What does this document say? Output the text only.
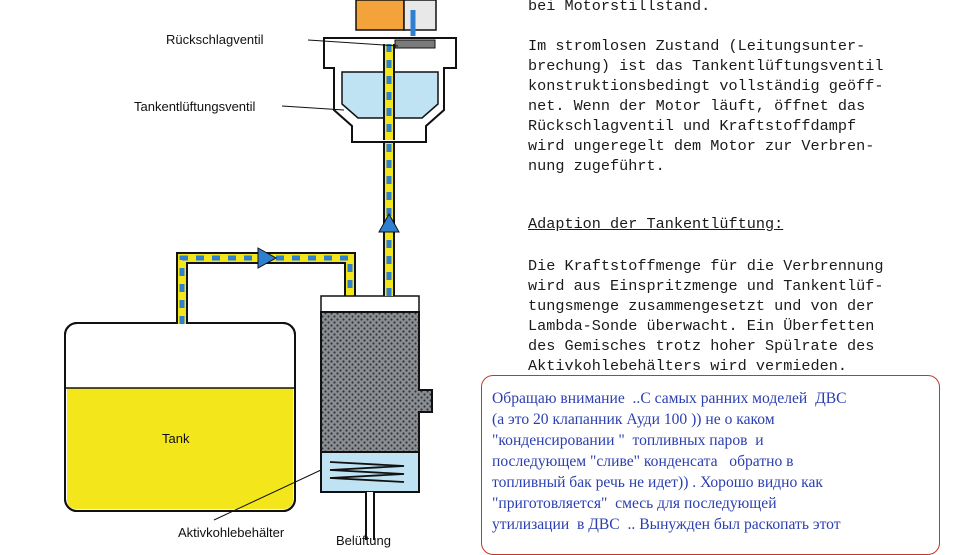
Rückschlagventil
Tankentlüftungsventil
Tank
Aktivkohlebehälter
Belüftung
bei Motorstillstand.
Im stromlosen Zustand (Leitungsunter-
brechung) ist das Tankentlüftungsventil
konstruktionsbedingt vollständig geöff-
net. Wenn der Motor läuft, öffnet das
Rückschlagventil und Kraftstoffdampf
wird ungeregelt dem Motor zur Verbren-
nung zugeführt.
Adaption der Tankentlüftung:
Die Kraftstoffmenge für die Verbrennung
wird aus Einspritzmenge und Tankentlüf-
tungsmenge zusammengesetzt und von der
Lambda-Sonde überwacht. Ein Überfetten
des Gemisches trotz hoher Spülrate des
Aktivkohlebehälters wird vermieden.

Обращаю внимание  ..С самых ранних моделей  ДВС

(а это 20 клапанник Ауди 100 )) не о каком

"конденсировании "  топливных паров  и

последующем "сливе" конденсата   обратно в

топливный бак речь не идет)) . Хорошо видно как

"приготовляется"  смесь для последующей

утилизации  в ДВС  .. Вынужден был раскопать этот
